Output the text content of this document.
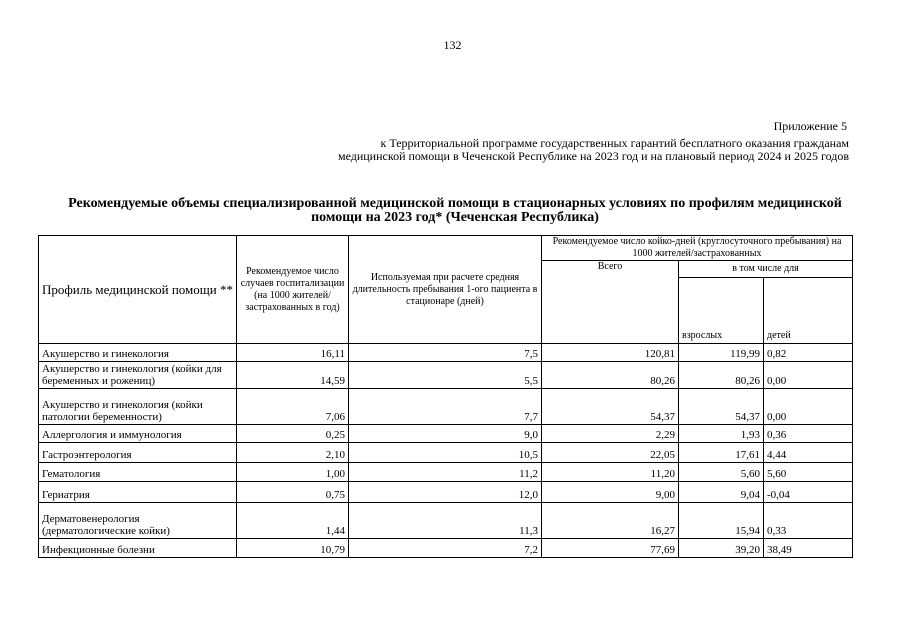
132
Приложение 5
к Территориальной программе государственных гарантий бесплатного оказания гражданам медицинской помощи в Чеченской Республике на 2023 год и на плановый период 2024 и 2025 годов
Рекомендуемые объемы специализированной медицинской помощи в стационарных условиях по профилям медицинской помощи на 2023 год* (Чеченская Республика)
Профиль медицинской помощи **	Рекомендуемое число случаев госпитализации (на 1000 жителей/ застрахованных в год)	Используемая при расчете средняя длительность пребывания 1-ого пациента в стационаре (дней)	Рекомендуемое число койко-дней (круглосуточного пребывания) на 1000 жителей/застрахованных		
			Всего	в том числе для	
				взрослых	детей
Акушерство и гинекология	16,11	7,5	120,81	119,99	0,82
Акушерство и гинекология (койки для беременных и рожениц)	14,59	5,5	80,26	80,26	0,00
Акушерство и гинекология (койки патологии беременности)	7,06	7,7	54,37	54,37	0,00
Аллергология и иммунология	0,25	9,0	2,29	1,93	0,36
Гастроэнтерология	2,10	10,5	22,05	17,61	4,44
Гематология	1,00	11,2	11,20	5,60	5,60
Гериатрия	0,75	12,0	9,00	9,04	-0,04
Дерматовенерология (дерматологические койки)	1,44	11,3	16,27	15,94	0,33
Инфекционные болезни	10,79	7,2	77,69	39,20	38,49
